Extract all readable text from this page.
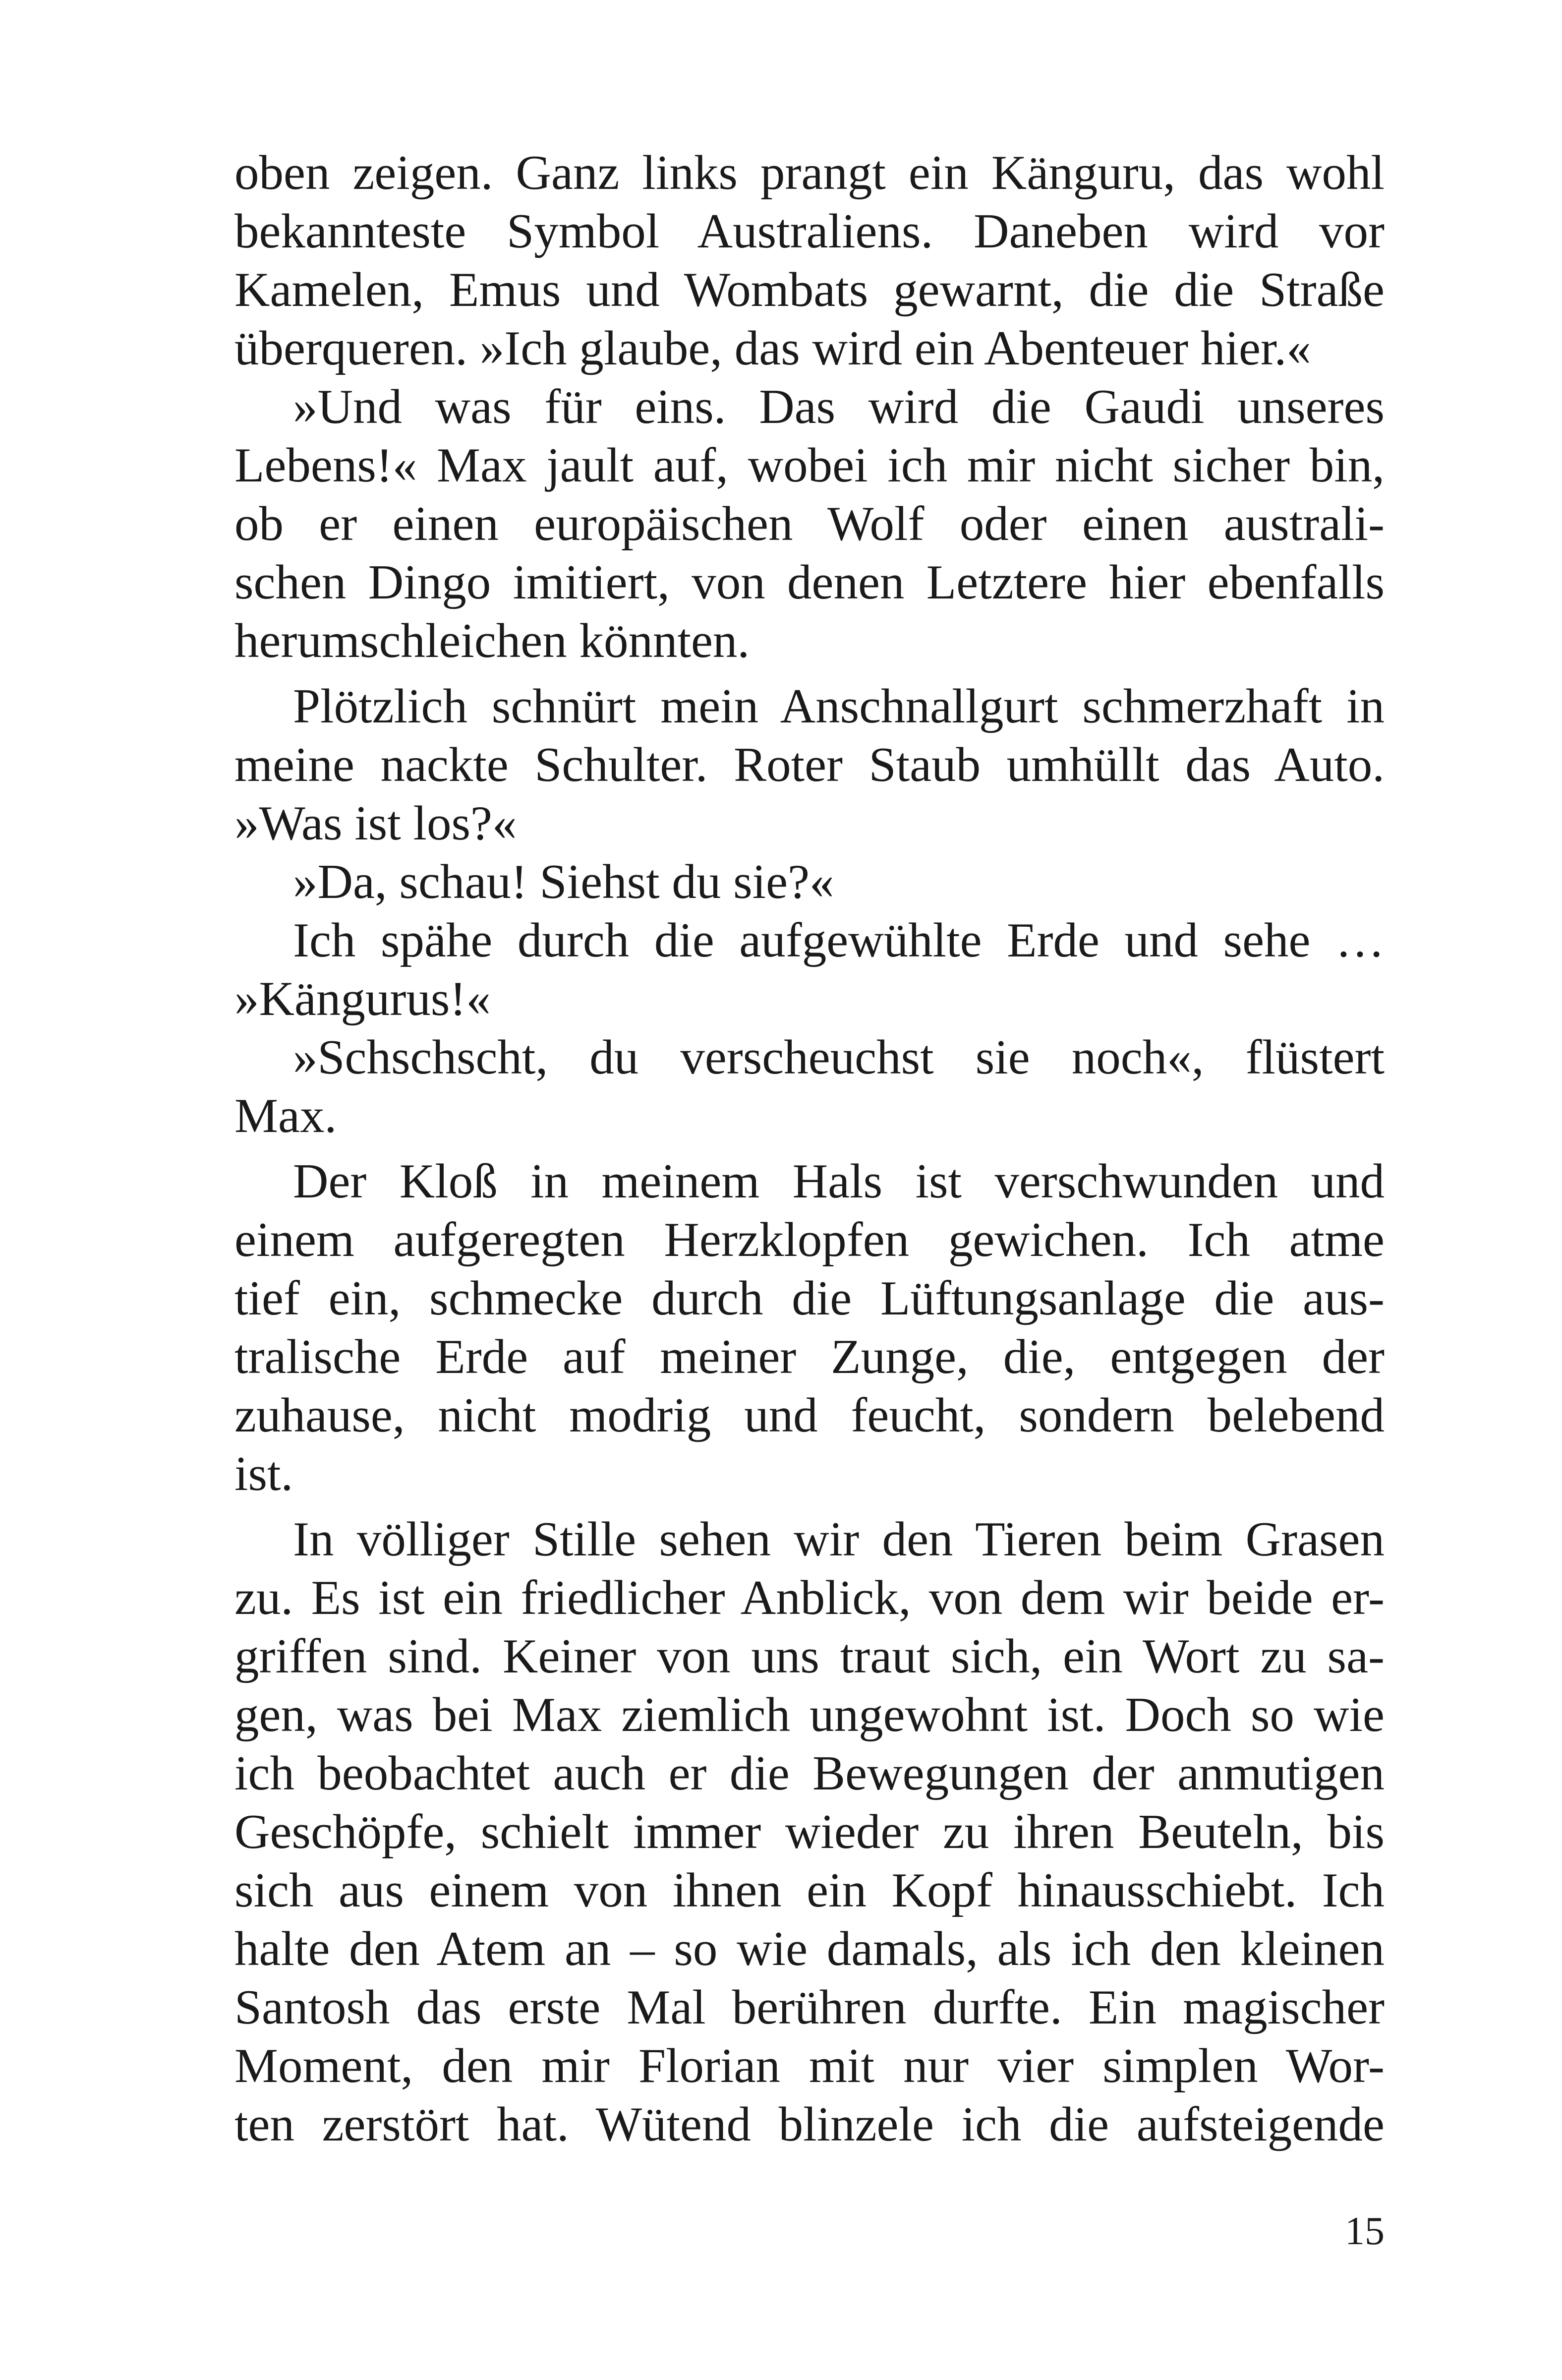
oben zeigen. Ganz links prangt ein Känguru, das wohl
bekannteste Symbol Australiens. Daneben wird vor
Kamelen, Emus und Wombats gewarnt, die die Straße
überqueren. »Ich glaube, das wird ein Abenteuer hier.«
»Und was für eins. Das wird die Gaudi unseres
Lebens!« Max jault auf, wobei ich mir nicht sicher bin,
ob er einen europäischen Wolf oder einen australi-
schen Dingo imitiert, von denen Letztere hier ebenfalls
herumschleichen könnten.
Plötzlich schnürt mein Anschnallgurt schmerzhaft in
meine nackte Schulter. Roter Staub umhüllt das Auto.
»Was ist los?«
»Da, schau! Siehst du sie?«
Ich spähe durch die aufgewühlte Erde und sehe …
»Kängurus!«
»Schschscht, du verscheuchst sie noch«, flüstert
Max.
Der Kloß in meinem Hals ist verschwunden und
einem aufgeregten Herzklopfen gewichen. Ich atme
tief ein, schmecke durch die Lüftungsanlage die aus-
tralische Erde auf meiner Zunge, die, entgegen der
zuhause, nicht modrig und feucht, sondern belebend
ist.
In völliger Stille sehen wir den Tieren beim Grasen
zu. Es ist ein friedlicher Anblick, von dem wir beide er-
griffen sind. Keiner von uns traut sich, ein Wort zu sa-
gen, was bei Max ziemlich ungewohnt ist. Doch so wie
ich beobachtet auch er die Bewegungen der anmutigen
Geschöpfe, schielt immer wieder zu ihren Beuteln, bis
sich aus einem von ihnen ein Kopf hinausschiebt. Ich
halte den Atem an – so wie damals, als ich den kleinen
Santosh das erste Mal berühren durfte. Ein magischer
Moment, den mir Florian mit nur vier simplen Wor-
ten zerstört hat. Wütend blinzele ich die aufsteigende
15
